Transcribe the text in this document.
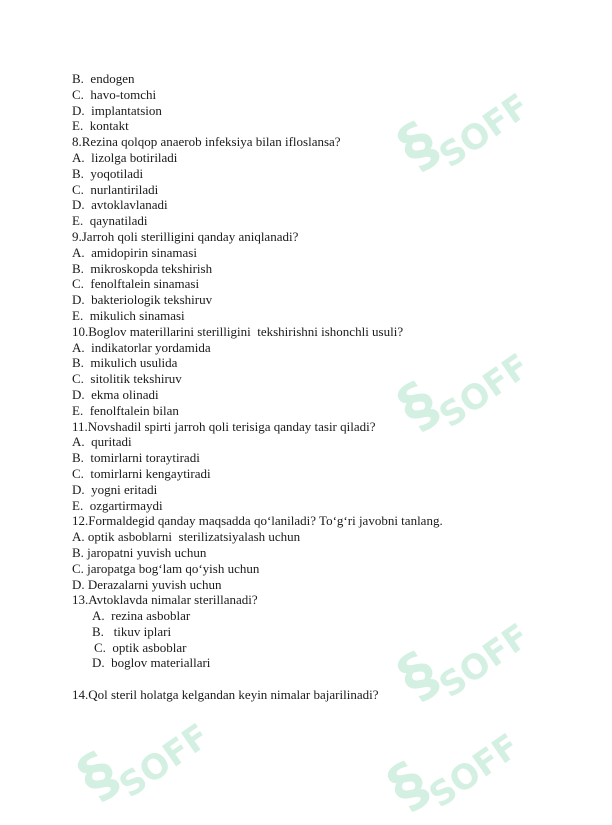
§
SOFF
§
SOFF
§
SOFF
§
SOFF	§
SOFF
B.  endogen
C.  havo-tomchi
D.  implantatsion
E.  kontakt
8.Rezina qolqop anaerob infeksiya bilan ifloslansa?
A.  lizolga botiriladi
B.  yoqotiladi
C.  nurlantiriladi
D.  avtoklavlanadi
E.  qaynatiladi
9.Jarroh qoli sterilligini qanday aniqlanadi?
A.  amidopirin sinamasi
B.  mikroskopda tekshirish
C.  fenolftalein sinamasi
D.  bakteriologik tekshiruv
E.  mikulich sinamasi
10.Boglov materillarini sterilligini  tekshirishni ishonchli usuli?
A.  indikatorlar yordamida
B.  mikulich usulida
C.  sitolitik tekshiruv
D.  ekma olinadi
E.  fenolftalein bilan
11.Novshadil spirti jarroh qoli terisiga qanday tasir qiladi?
A.  quritadi
B.  tomirlarni toraytiradi
C.  tomirlarni kengaytiradi
D.  yogni eritadi
E.  ozgartirmaydi
12.Formaldegid qanday maqsadda qo‘laniladi? To‘g‘ri javobni tanlang.
A. optik asboblarni  sterilizatsiyalash uchun
B. jaropatni yuvish uchun
C. jaropatga bog‘lam qo‘yish uchun
D. Derazalarni yuvish uchun
13.Avtoklavda nimalar sterillanadi?
A.  rezina asboblar
B.   tikuv iplari
C.  optik asboblar
D.  boglov materiallari
14.Qol steril holatga kelgandan keyin nimalar bajarilinadi?
